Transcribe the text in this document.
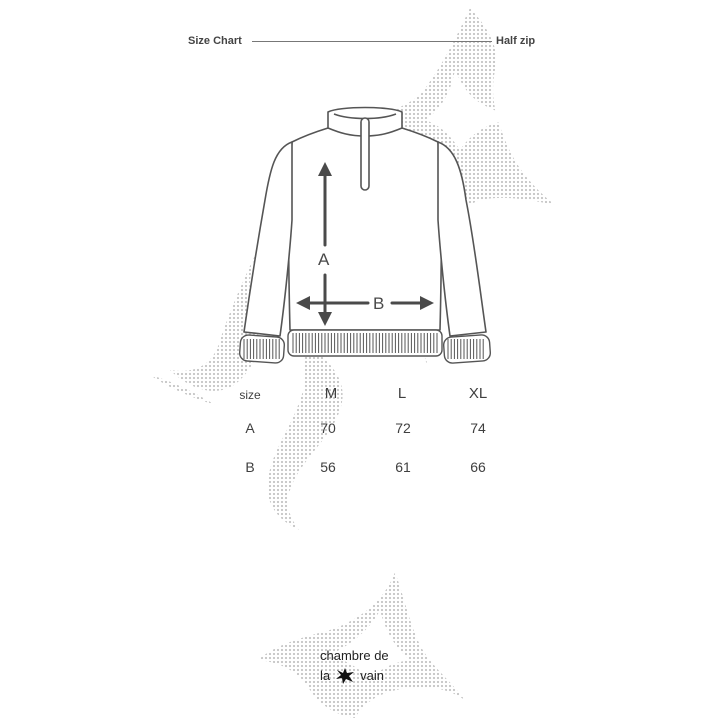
Size Chart	Half zip
A
B
size	M	L	XL
A	70	72	74
B	56	61	66
chambre de
la vain
